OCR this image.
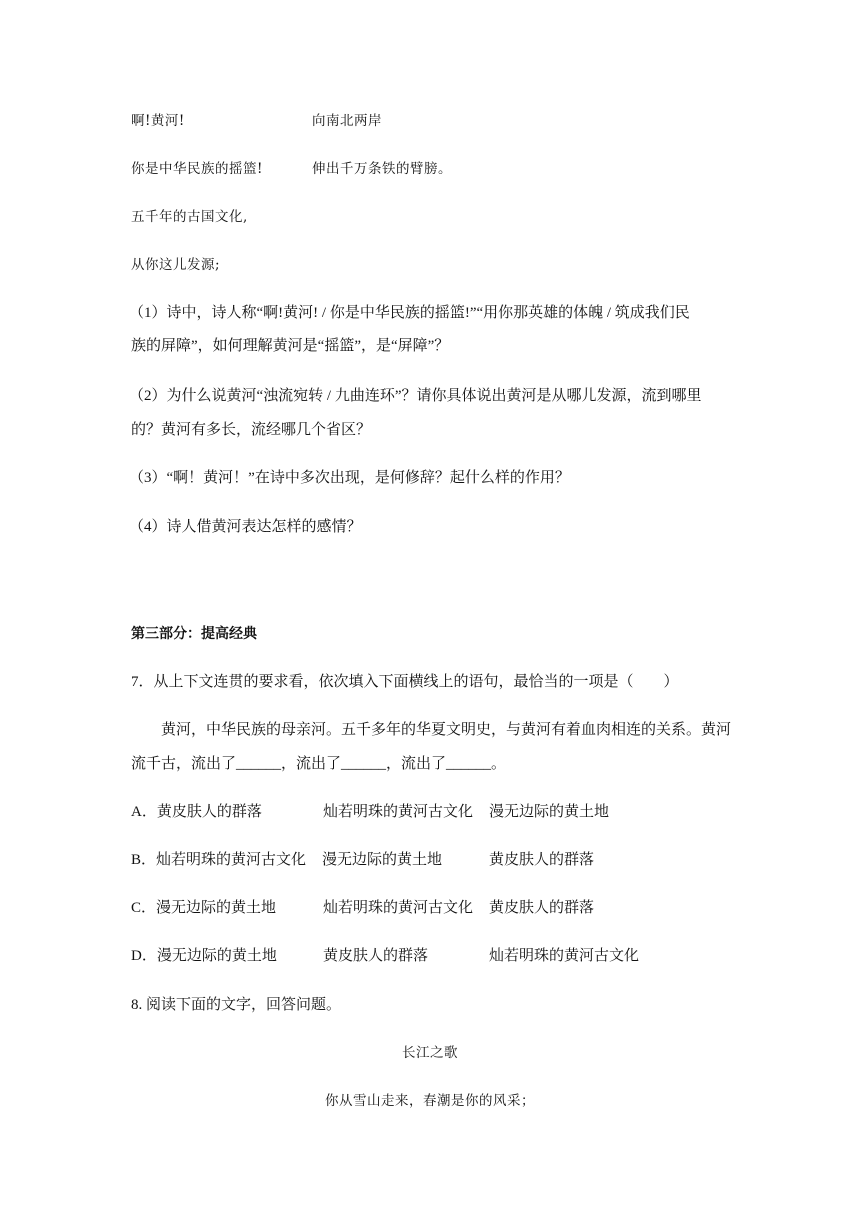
啊!黄河!	向南北两岸
你是中华民族的摇篮!	伸出千万条铁的臂膀。
五千年的古国文化,
从你这儿发源;
（1）诗中，诗人称“啊!黄河! / 你是中华民族的摇篮!”“用你那英雄的体魄 / 筑成我们民
族的屏障”，如何理解黄河是“摇篮”，是“屏障”？
（2）为什么说黄河“浊流宛转 / 九曲连环”？请你具体说出黄河是从哪儿发源，流到哪里
的？黄河有多长，流经哪几个省区？
（3）“啊！黄河！”在诗中多次出现，是何修辞？起什么样的作用？
（4）诗人借黄河表达怎样的感情？
第三部分：提高经典
7．从上下文连贯的要求看，依次填入下面横线上的语句，最恰当的一项是（　　）
黄河，中华民族的母亲河。五千多年的华夏文明史，与黄河有着血肉相连的关系。黄河
流千古，流出了______，流出了______，流出了______。
A．黄皮肤人的群落	灿若明珠的黄河古文化 漫无边际的黄土地
B．灿若明珠的黄河古文化 漫无边际的黄土地	黄皮肤人的群落
C．漫无边际的黄土地	灿若明珠的黄河古文化 黄皮肤人的群落
D．漫无边际的黄土地	黄皮肤人的群落	灿若明珠的黄河古文化
8. 阅读下面的文字，回答问题。
长江之歌
你从雪山走来，春潮是你的风采；
